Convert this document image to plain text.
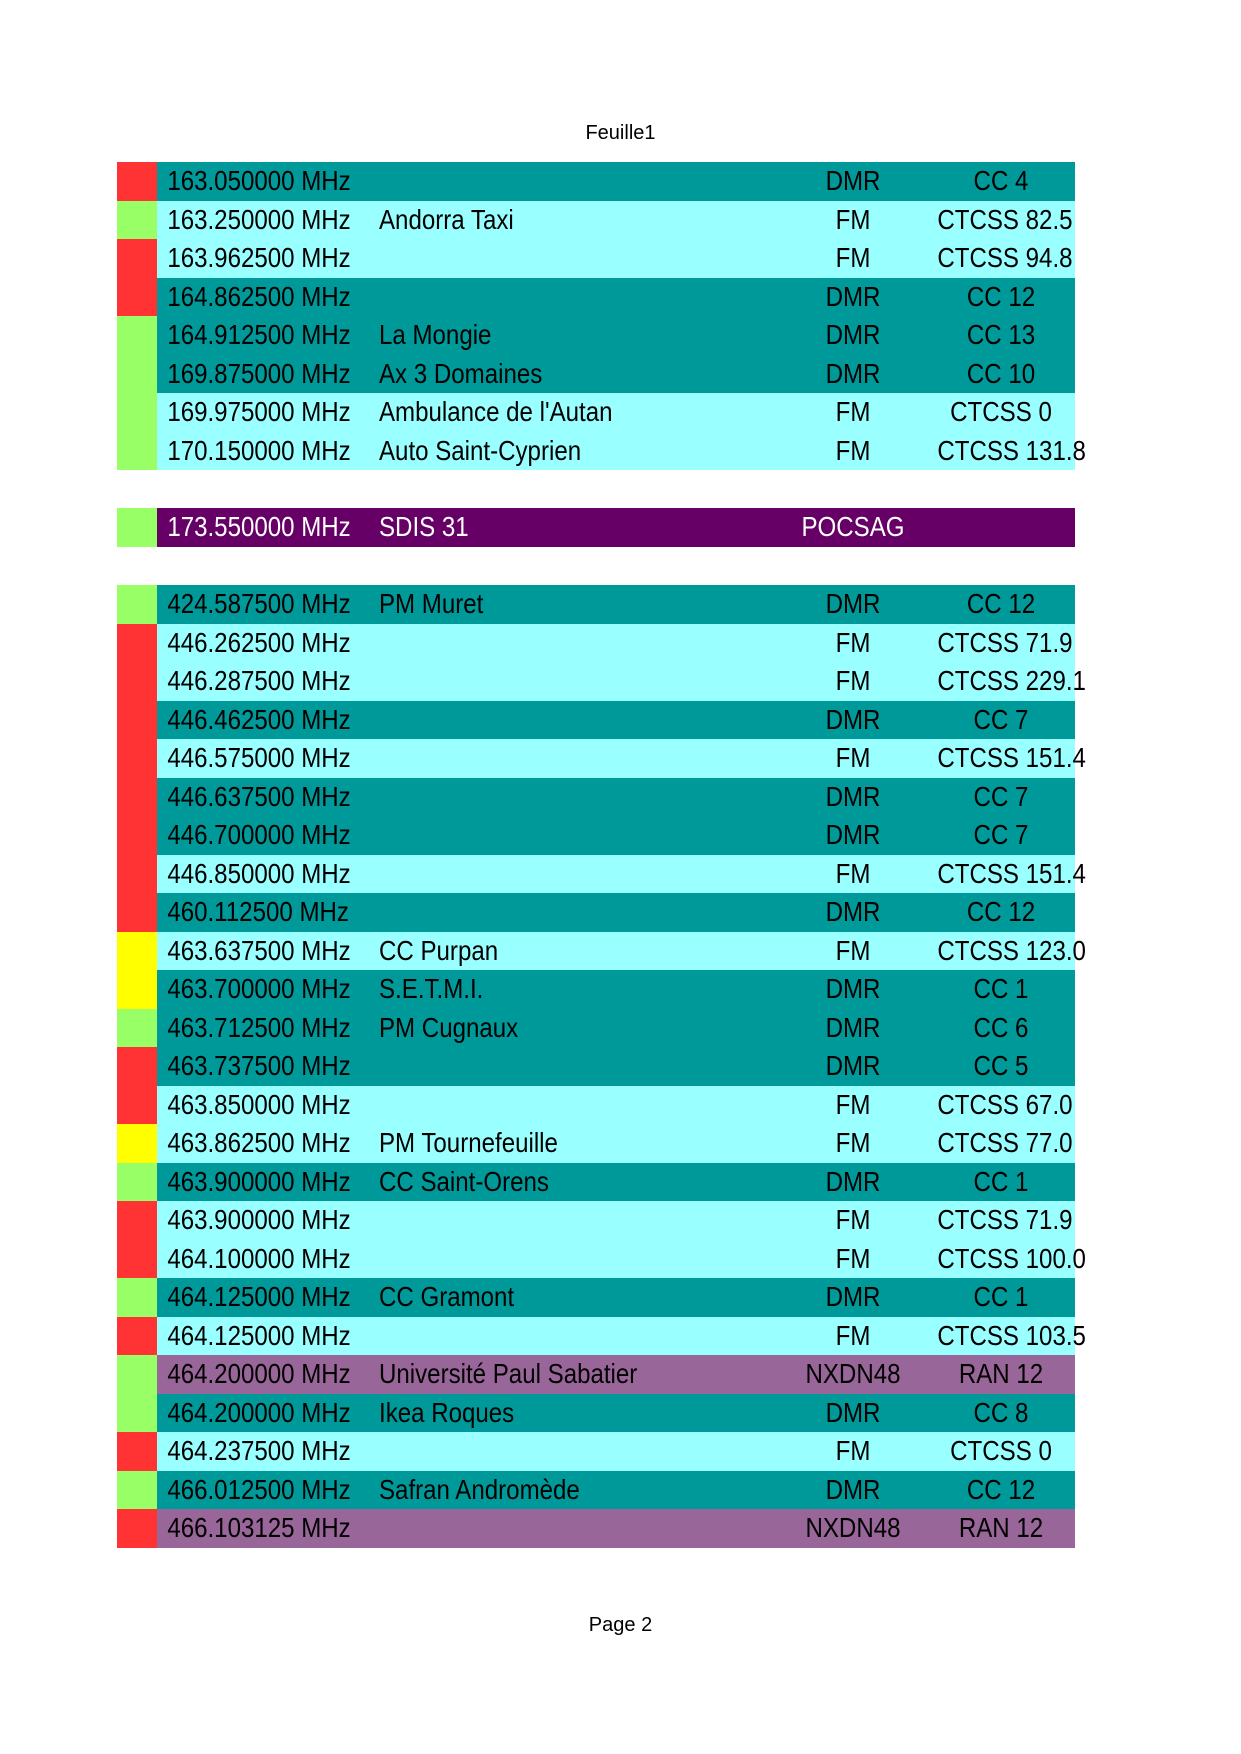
Feuille1
163.050000 MHz	DMR	CC 4
163.250000 MHz Andorra Taxi	FM	CTCSS 82.5
163.962500 MHz	FM	CTCSS 94.8
164.862500 MHz	DMR	CC 12
164.912500 MHz La Mongie	DMR	CC 13
169.875000 MHz Ax 3 Domaines	DMR	CC 10
169.975000 MHz Ambulance de l'Autan	FM	CTCSS 0
170.150000 MHz Auto Saint-Cyprien	FM	CTCSS 131.8
173.550000 MHz SDIS 31	POCSAG
424.587500 MHz PM Muret	DMR	CC 12
446.262500 MHz	FM	CTCSS 71.9
446.287500 MHz	FM	CTCSS 229.1
446.462500 MHz	DMR	CC 7
446.575000 MHz	FM	CTCSS 151.4
446.637500 MHz	DMR	CC 7
446.700000 MHz	DMR	CC 7
446.850000 MHz	FM	CTCSS 151.4
460.112500 MHz	DMR	CC 12
463.637500 MHz CC Purpan	FM	CTCSS 123.0
463.700000 MHz S.E.T.M.I.	DMR	CC 1
463.712500 MHz PM Cugnaux	DMR	CC 6
463.737500 MHz	DMR	CC 5
463.850000 MHz	FM	CTCSS 67.0
463.862500 MHz PM Tournefeuille	FM	CTCSS 77.0
463.900000 MHz CC Saint-Orens	DMR	CC 1
463.900000 MHz	FM	CTCSS 71.9
464.100000 MHz	FM	CTCSS 100.0
464.125000 MHz CC Gramont	DMR	CC 1
464.125000 MHz	FM	CTCSS 103.5
464.200000 MHz Université Paul Sabatier	NXDN48	RAN 12
464.200000 MHz Ikea Roques	DMR	CC 8
464.237500 MHz	FM	CTCSS 0
466.012500 MHz Safran Andromède	DMR	CC 12
466.103125 MHz	NXDN48	RAN 12
Page 2
